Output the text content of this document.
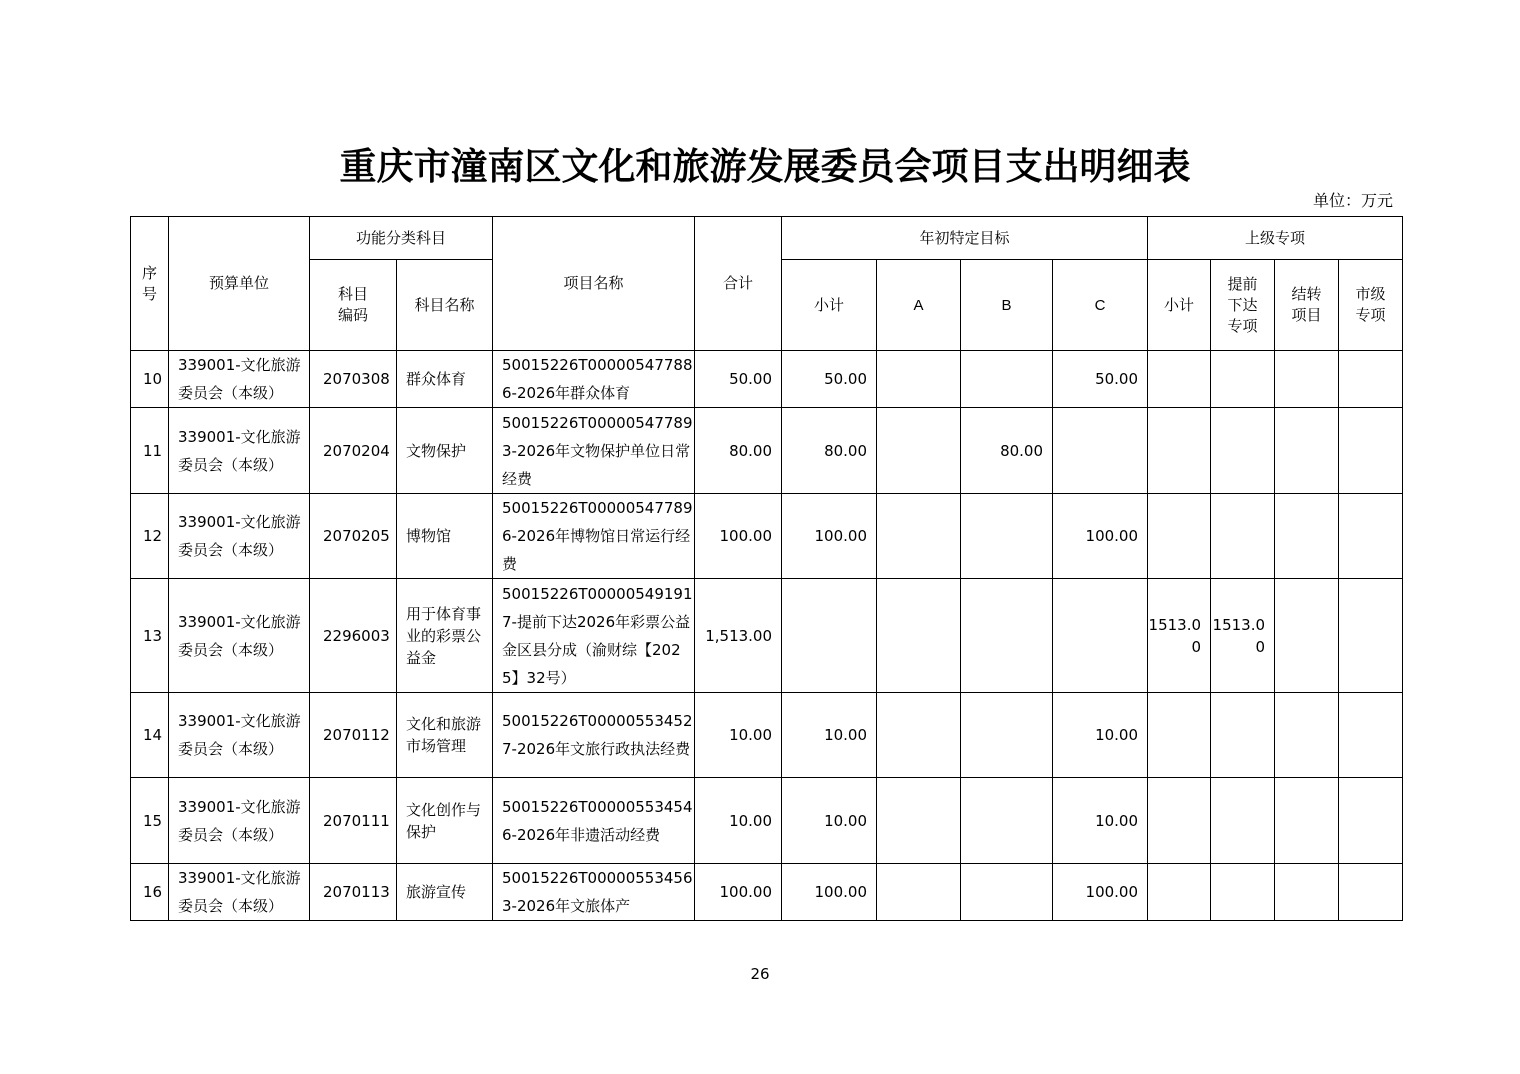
重庆市潼南区文化和旅游发展委员会项目支出明细表
单位：万元
序号	预算单位	功能分类科目		项目名称	合计	年初特定目标				上级专项			
		科目编码	科目名称			小计	A	B	C	小计	提前下达专项	结转项目	市级专项
10	339001-文化旅游委员会（本级）	2070308	群众体育	50015226T000005477886-2026年群众体育	50.00	50.00			50.00				
11	339001-文化旅游委员会（本级）	2070204	文物保护	50015226T000005477893-2026年文物保护单位日常经费	80.00	80.00		80.00					
12	339001-文化旅游委员会（本级）	2070205	博物馆	50015226T000005477896-2026年博物馆日常运行经费	100.00	100.00			100.00				
13	339001-文化旅游委员会（本级）	2296003	用于体育事业的彩票公益金	50015226T000005491917-提前下达2026年彩票公益金区县分成（渝财综【2025】32号）	1,513.00					1513.00	1513.00		
14	339001-文化旅游委员会（本级）	2070112	文化和旅游市场管理	50015226T000005534527-2026年文旅行政执法经费	10.00	10.00			10.00				
15	339001-文化旅游委员会（本级）	2070111	文化创作与保护	50015226T000005534546-2026年非遗活动经费	10.00	10.00			10.00				
16	339001-文化旅游委员会（本级）	2070113	旅游宣传	50015226T000005534563-2026年文旅体产	100.00	100.00			100.00				
26
